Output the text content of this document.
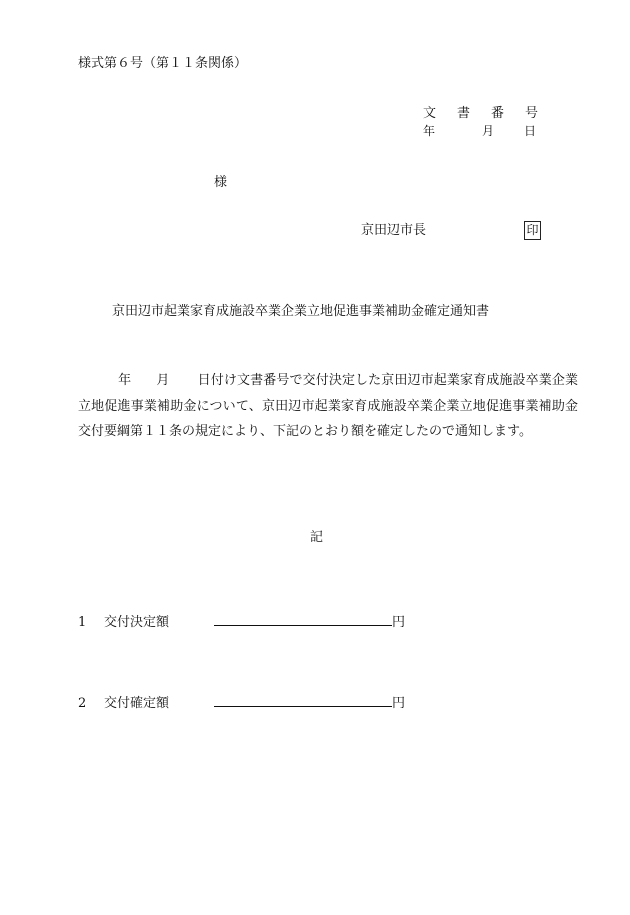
様式第６号（第１１条関係）
文 書 番 号
年	月	日
様
京田辺市長	印
京田辺市起業家育成施設卒業企業立地促進事業補助金確定通知書

年 月 日付け文書番号で交付決定した京田辺市起業家育成施設卒業企業立地促進事業補助金について、京田辺市起業家育成施設卒業企業立地促進事業補助金交付要綱第１１条の規定により、下記のとおり額を確定したので通知します。

記
1 交付決定額	円
2 交付確定額	円
